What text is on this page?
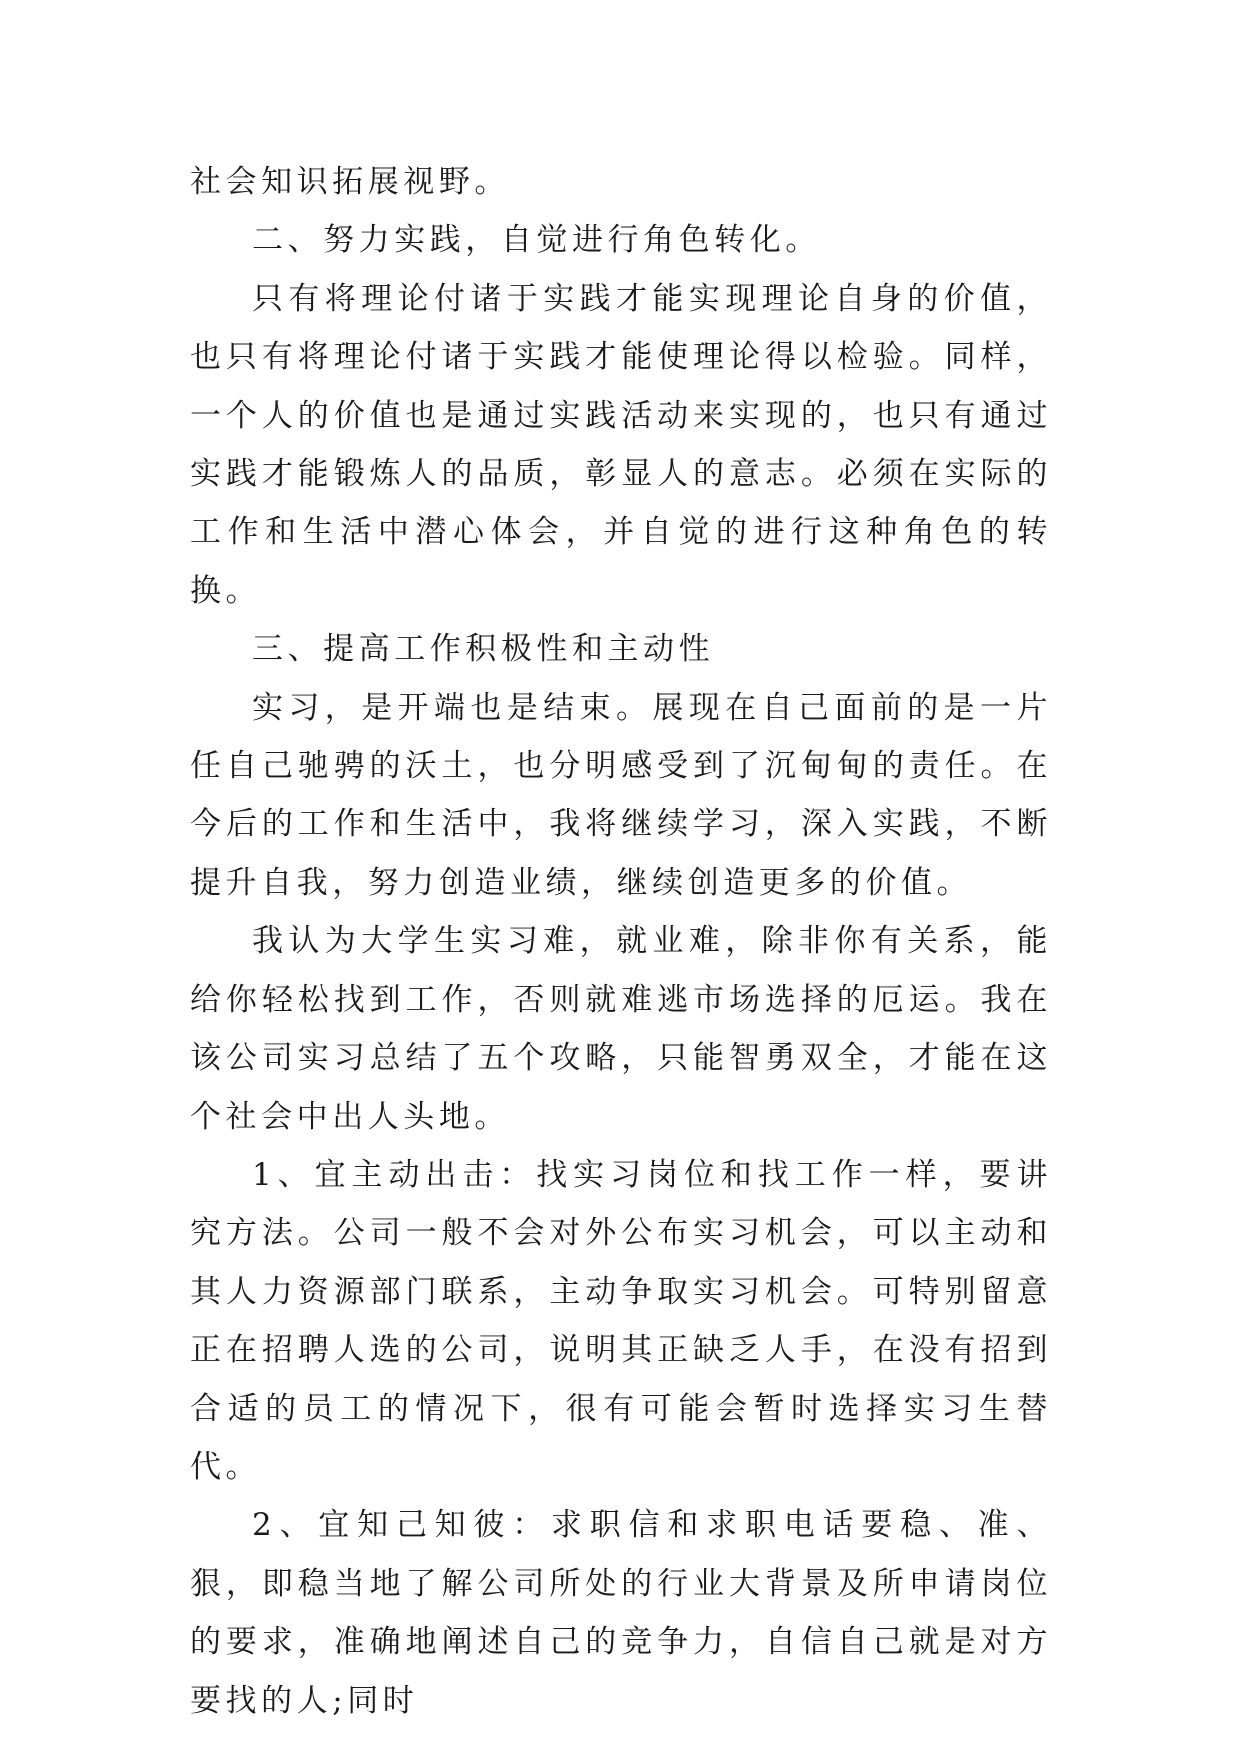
社会知识拓展视野。

二、努力实践，自觉进行角色转化。

只有将理论付诸于实践才能实现理论自身的价值，也只有将理论付诸于实践才能使理论得以检验。同样，一个人的价值也是通过实践活动来实现的，也只有通过实践才能锻炼人的品质，彰显人的意志。必须在实际的工作和生活中潜心体会，并自觉的进行这种角色的转换。

三、提高工作积极性和主动性

实习，是开端也是结束。展现在自己面前的是一片任自己驰骋的沃土，也分明感受到了沉甸甸的责任。在今后的工作和生活中，我将继续学习，深入实践，不断提升自我，努力创造业绩，继续创造更多的价值。

我认为大学生实习难，就业难，除非你有关系，能给你轻松找到工作，否则就难逃市场选择的厄运。我在该公司实习总结了五个攻略，只能智勇双全，才能在这个社会中出人头地。

1、宜主动出击：找实习岗位和找工作一样，要讲究方法。公司一般不会对外公布实习机会，可以主动和其人力资源部门联系，主动争取实习机会。可特别留意正在招聘人选的公司，说明其正缺乏人手，在没有招到合适的员工的情况下，很有可能会暂时选择实习生替代。

2、宜知己知彼：求职信和求职电话要稳、准、狠，即稳当地了解公司所处的行业大背景及所申请岗位的要求，准确地阐述自己的竞争力，自信自己就是对方要找的人;同时
